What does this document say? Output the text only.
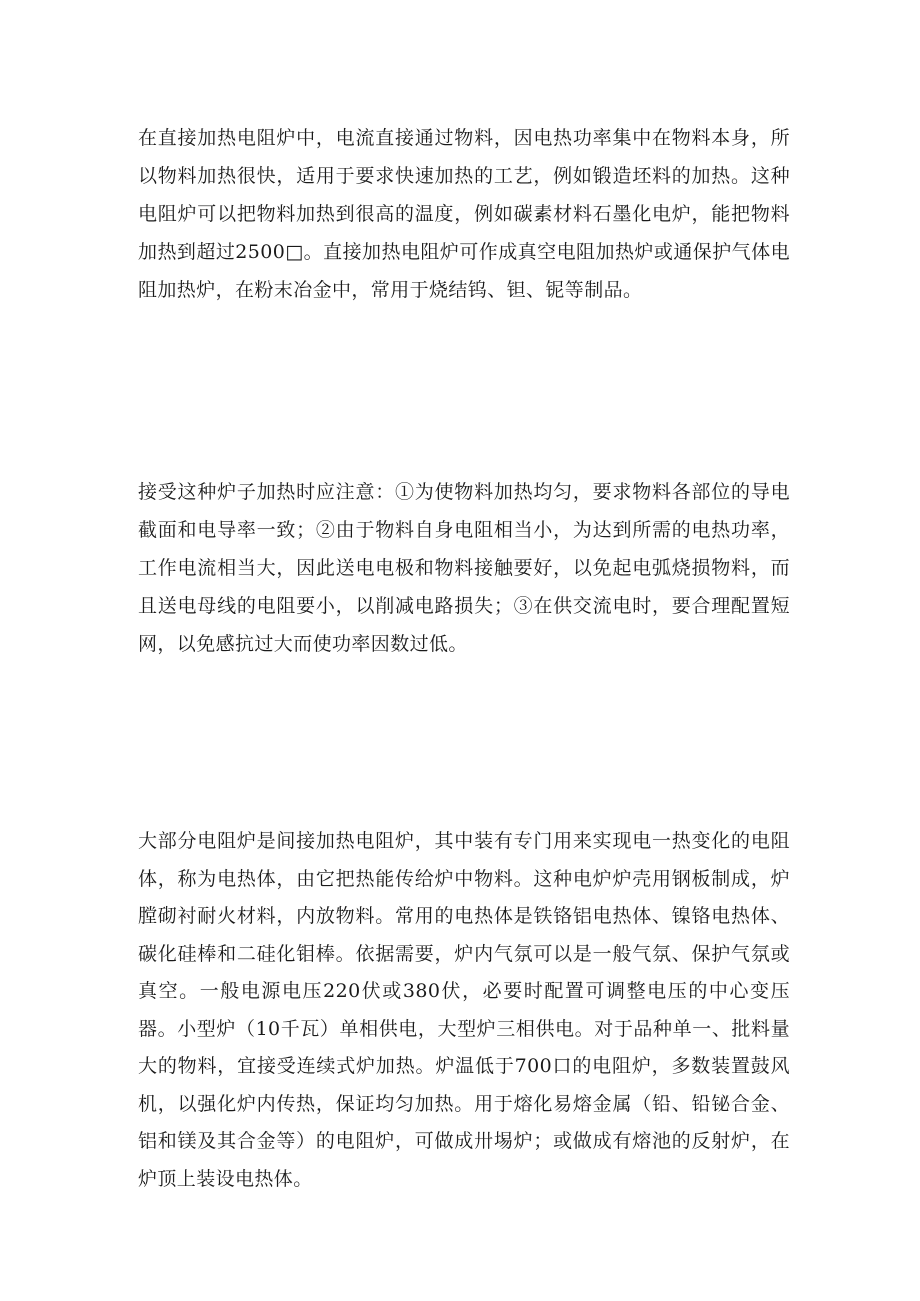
在直接加热电阻炉中，电流直接通过物料，因电热功率集中在物料本身，所以物料加热很快，适用于要求快速加热的工艺，例如锻造坯料的加热。这种电阻炉可以把物料加热到很高的温度，例如碳素材料石墨化电炉，能把物料加热到超过2500□。直接加热电阻炉可作成真空电阻加热炉或通保护气体电阻加热炉，在粉末冶金中，常用于烧结钨、钽、铌等制品。

接受这种炉子加热时应注意：①为使物料加热均匀，要求物料各部位的导电截面和电导率一致；②由于物料自身电阻相当小，为达到所需的电热功率，工作电流相当大，因此送电电极和物料接触要好，以免起电弧烧损物料，而且送电母线的电阻要小，以削减电路损失；③在供交流电时，要合理配置短网，以免感抗过大而使功率因数过低。

大部分电阻炉是间接加热电阻炉，其中装有专门用来实现电一热变化的电阻体，称为电热体，由它把热能传给炉中物料。这种电炉炉壳用钢板制成，炉膛砌衬耐火材料，内放物料。常用的电热体是铁铬铝电热体、镍铬电热体、碳化硅棒和二硅化钼棒。依据需要，炉内气氛可以是一般气氛、保护气氛或真空。一般电源电压220伏或380伏，必要时配置可调整电压的中心变压器。小型炉（10千瓦）单相供电，大型炉三相供电。对于品种单一、批料量大的物料，宜接受连续式炉加热。炉温低于700口的电阻炉，多数装置鼓风机，以强化炉内传热，保证均匀加热。用于熔化易熔金属（铅、铅铋合金、铝和镁及其合金等）的电阻炉，可做成卅埸炉；或做成有熔池的反射炉，在炉顶上装设电热体。
